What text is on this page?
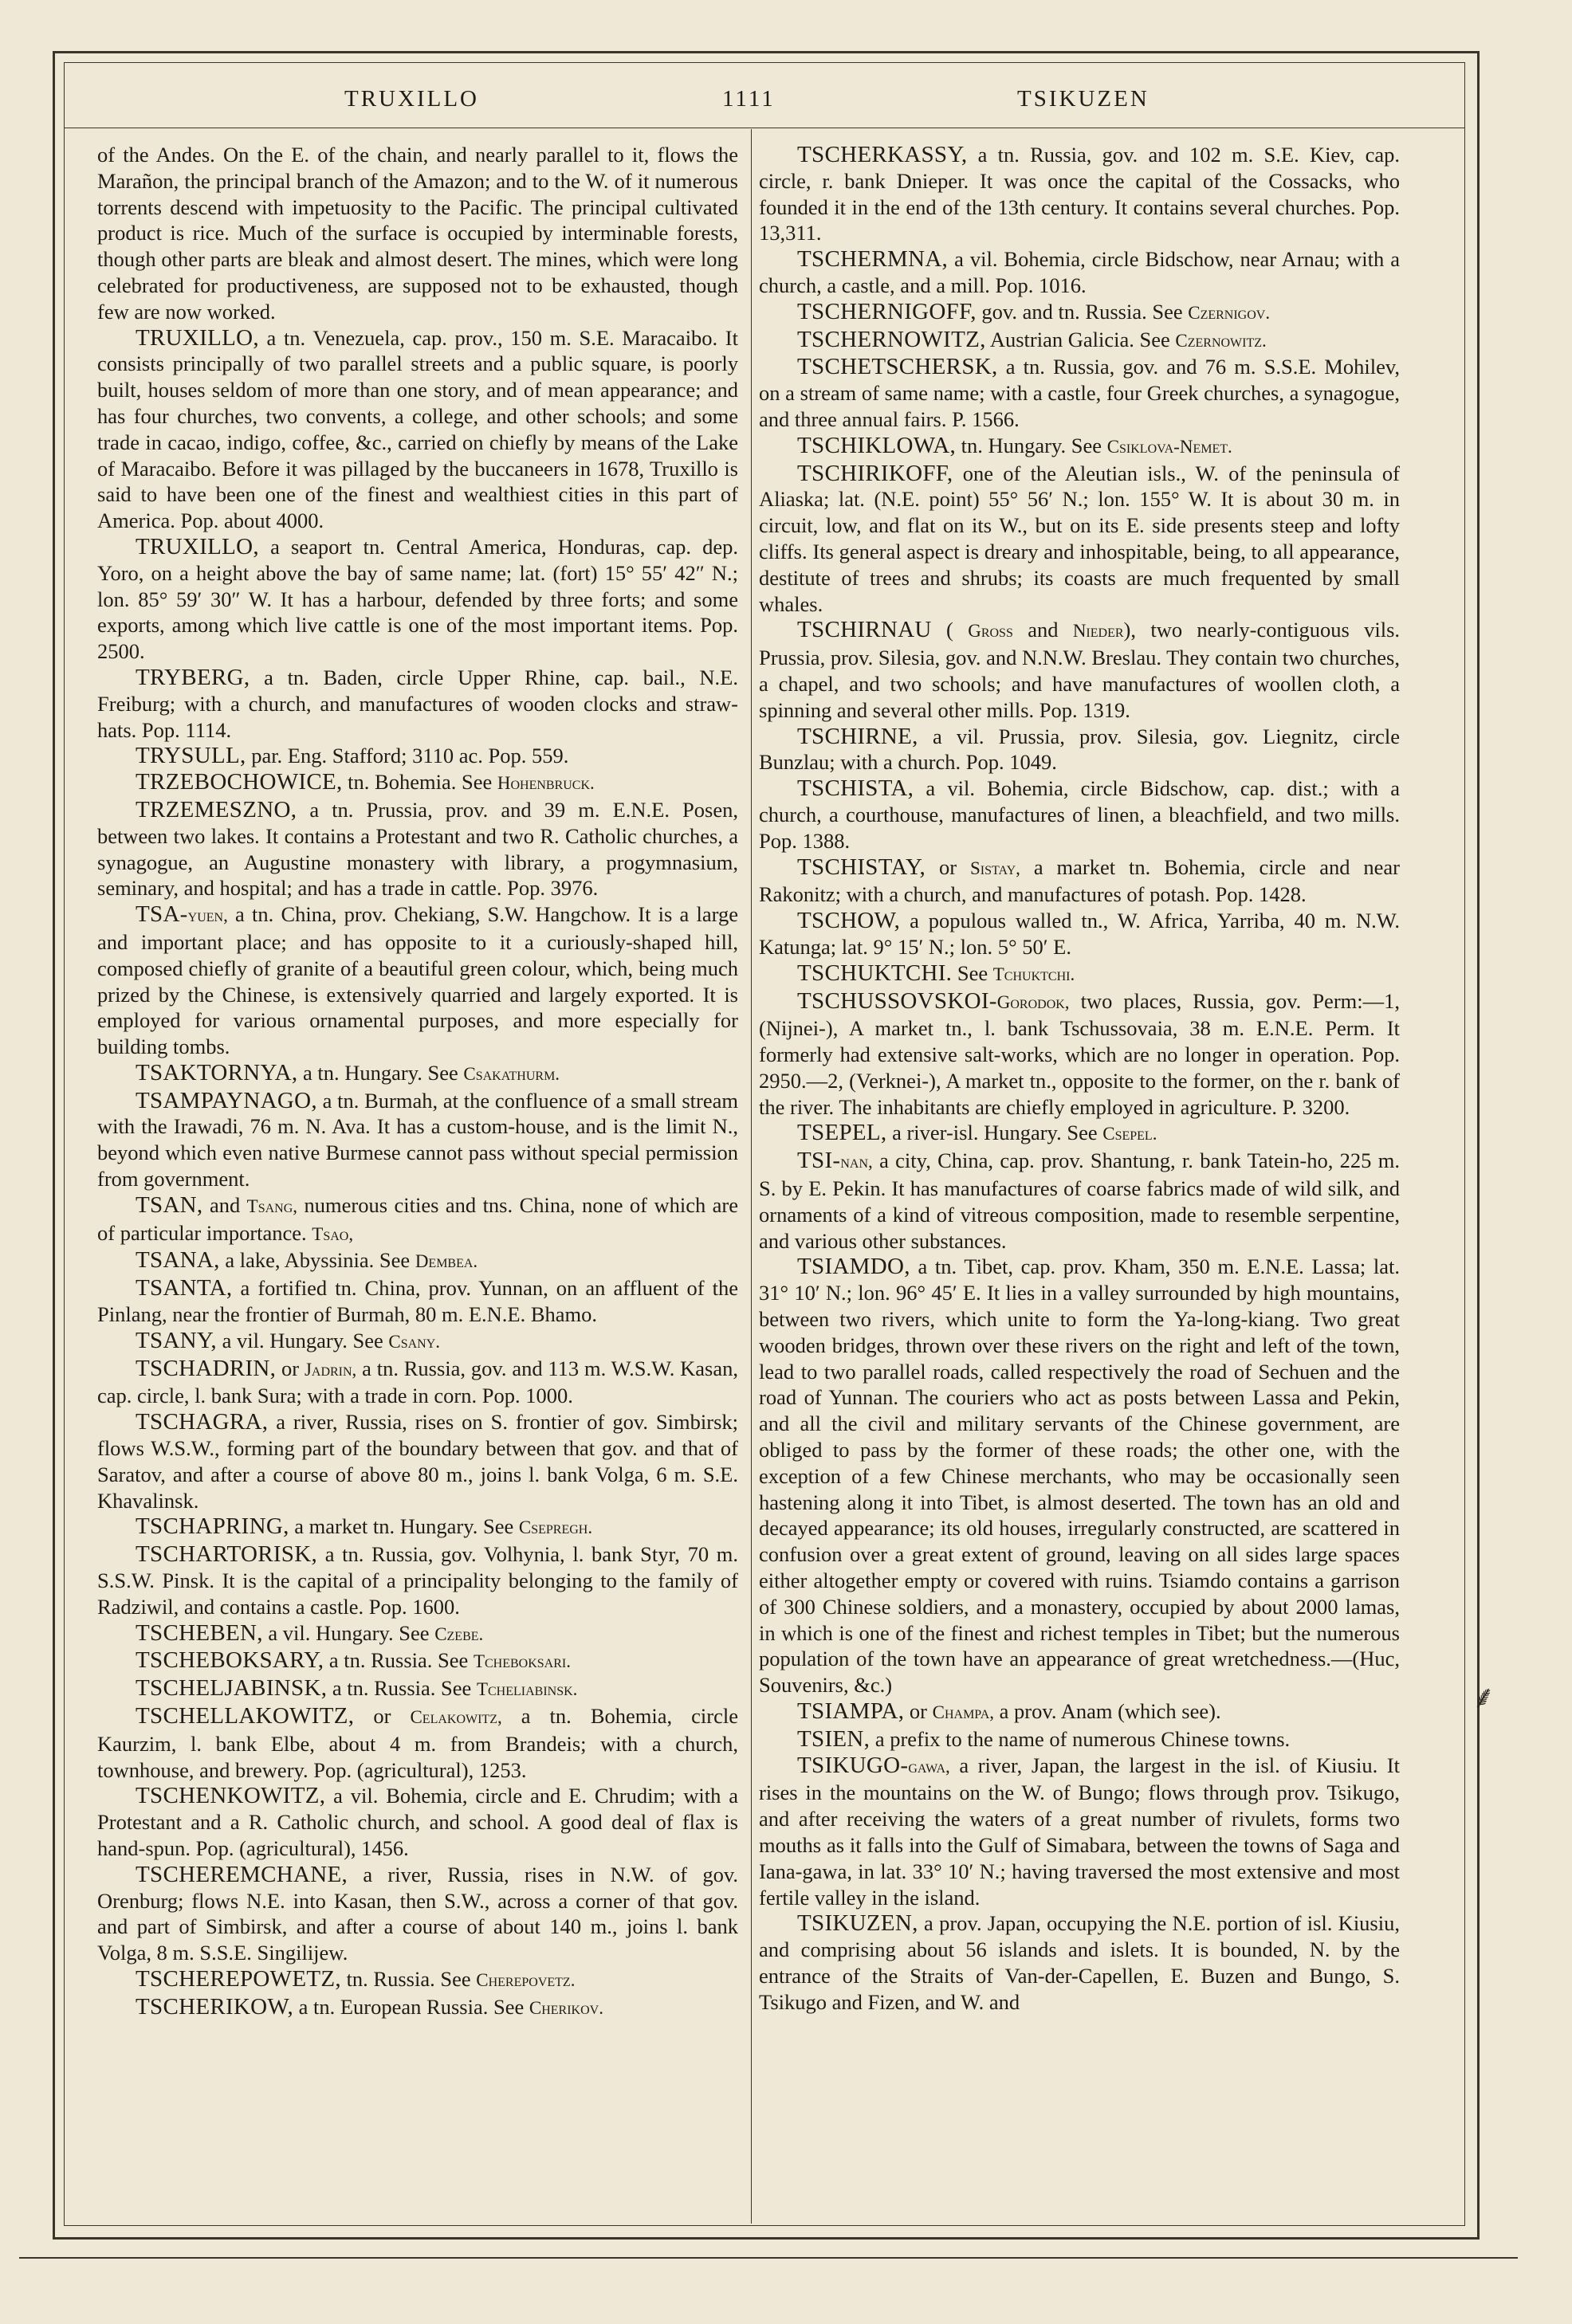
TRUXILLO	1111	TSIKUZEN

of the Andes. On the E. of the chain, and nearly parallel to it, flows the Marañon, the principal branch of the Amazon; and to the W. of it numerous torrents descend with impetuosity to the Pacific. The principal cultivated product is rice. Much of the surface is occupied by interminable forests, though other parts are bleak and almost desert. The mines, which were long celebrated for productiveness, are supposed not to be exhausted, though few are now worked.

TRUXILLO, a tn. Venezuela, cap. prov., 150 m. S.E. Maracaibo. It consists principally of two parallel streets and a public square, is poorly built, houses seldom of more than one story, and of mean appearance; and has four churches, two convents, a college, and other schools; and some trade in cacao, indigo, coffee, &c., carried on chiefly by means of the Lake of Maracaibo. Before it was pillaged by the buccaneers in 1678, Truxillo is said to have been one of the finest and wealthiest cities in this part of America. Pop. about 4000.

TRUXILLO, a seaport tn. Central America, Honduras, cap. dep. Yoro, on a height above the bay of same name; lat. (fort) 15° 55′ 42″ N.; lon. 85° 59′ 30″ W. It has a harbour, defended by three forts; and some exports, among which live cattle is one of the most important items. Pop. 2500.

TRYBERG, a tn. Baden, circle Upper Rhine, cap. bail., N.E. Freiburg; with a church, and manufactures of wooden clocks and straw-hats. Pop. 1114.

TRYSULL, par. Eng. Stafford; 3110 ac. Pop. 559.

TRZEBOCHOWICE, tn. Bohemia. See Hohenbruck.

TRZEMESZNO, a tn. Prussia, prov. and 39 m. E.N.E. Posen, between two lakes. It contains a Protestant and two R. Catholic churches, a synagogue, an Augustine monastery with library, a progymnasium, seminary, and hospital; and has a trade in cattle. Pop. 3976.

TSA-yuen, a tn. China, prov. Chekiang, S.W. Hangchow. It is a large and important place; and has opposite to it a curiously-shaped hill, composed chiefly of granite of a beautiful green colour, which, being much prized by the Chinese, is extensively quarried and largely exported. It is employed for various ornamental purposes, and more especially for building tombs.

TSAKTORNYA, a tn. Hungary. See Csakathurm.

TSAMPAYNAGO, a tn. Burmah, at the confluence of a small stream with the Irawadi, 76 m. N. Ava. It has a custom-house, and is the limit N., beyond which even native Burmese cannot pass without special permission from government.

TSAN, and Tsang, numerous cities and tns. China, none of which are of particular importance. Tsao,

TSANA, a lake, Abyssinia. See Dembea.

TSANTA, a fortified tn. China, prov. Yunnan, on an affluent of the Pinlang, near the frontier of Burmah, 80 m. E.N.E. Bhamo.

TSANY, a vil. Hungary. See Csany.

TSCHADRIN, or Jadrin, a tn. Russia, gov. and 113 m. W.S.W. Kasan, cap. circle, l. bank Sura; with a trade in corn. Pop. 1000.

TSCHAGRA, a river, Russia, rises on S. frontier of gov. Simbirsk; flows W.S.W., forming part of the boundary between that gov. and that of Saratov, and after a course of above 80 m., joins l. bank Volga, 6 m. S.E. Khavalinsk.

TSCHAPRING, a market tn. Hungary. See Csepregh.

TSCHARTORISK, a tn. Russia, gov. Volhynia, l. bank Styr, 70 m. S.S.W. Pinsk. It is the capital of a principality belonging to the family of Radziwil, and contains a castle. Pop. 1600.

TSCHEBEN, a vil. Hungary. See Czebe.

TSCHEBOKSARY, a tn. Russia. See Tcheboksari.

TSCHELJABINSK, a tn. Russia. See Tcheliabinsk.

TSCHELLAKOWITZ, or Celakowitz, a tn. Bohemia, circle Kaurzim, l. bank Elbe, about 4 m. from Brandeis; with a church, townhouse, and brewery. Pop. (agricultural), 1253.

TSCHENKOWITZ, a vil. Bohemia, circle and E. Chrudim; with a Protestant and a R. Catholic church, and school. A good deal of flax is hand-spun. Pop. (agricultural), 1456.

TSCHEREMCHANE, a river, Russia, rises in N.W. of gov. Orenburg; flows N.E. into Kasan, then S.W., across a corner of that gov. and part of Simbirsk, and after a course of about 140 m., joins l. bank Volga, 8 m. S.S.E. Singilijew.

TSCHEREPOWETZ, tn. Russia. See Cherepovetz.

TSCHERIKOW, a tn. European Russia. See Cherikov.

TSCHERKASSY, a tn. Russia, gov. and 102 m. S.E. Kiev, cap. circle, r. bank Dnieper. It was once the capital of the Cossacks, who founded it in the end of the 13th century. It contains several churches. Pop. 13,311.

TSCHERMNA, a vil. Bohemia, circle Bidschow, near Arnau; with a church, a castle, and a mill. Pop. 1016.

TSCHERNIGOFF, gov. and tn. Russia. See Czernigov.

TSCHERNOWITZ, Austrian Galicia. See Czernowitz.

TSCHETSCHERSK, a tn. Russia, gov. and 76 m. S.S.E. Mohilev, on a stream of same name; with a castle, four Greek churches, a synagogue, and three annual fairs. P. 1566.

TSCHIKLOWA, tn. Hungary. See Csiklova-Nemet.

TSCHIRIKOFF, one of the Aleutian isls., W. of the peninsula of Aliaska; lat. (N.E. point) 55° 56′ N.; lon. 155° W. It is about 30 m. in circuit, low, and flat on its W., but on its E. side presents steep and lofty cliffs. Its general aspect is dreary and inhospitable, being, to all appearance, destitute of trees and shrubs; its coasts are much frequented by small whales.

TSCHIRNAU ( Gross and Nieder), two nearly-contiguous vils. Prussia, prov. Silesia, gov. and N.N.W. Breslau. They contain two churches, a chapel, and two schools; and have manufactures of woollen cloth, a spinning and several other mills. Pop. 1319.

TSCHIRNE, a vil. Prussia, prov. Silesia, gov. Liegnitz, circle Bunzlau; with a church. Pop. 1049.

TSCHISTA, a vil. Bohemia, circle Bidschow, cap. dist.; with a church, a courthouse, manufactures of linen, a bleachfield, and two mills. Pop. 1388.

TSCHISTAY, or Sistay, a market tn. Bohemia, circle and near Rakonitz; with a church, and manufactures of potash. Pop. 1428.

TSCHOW, a populous walled tn., W. Africa, Yarriba, 40 m. N.W. Katunga; lat. 9° 15′ N.; lon. 5° 50′ E.

TSCHUKTCHI. See Tchuktchi.

TSCHUSSOVSKOI-Gorodok, two places, Russia, gov. Perm:—1, (Nijnei-), A market tn., l. bank Tschussovaia, 38 m. E.N.E. Perm. It formerly had extensive salt-works, which are no longer in operation. Pop. 2950.—2, (Verknei-), A market tn., opposite to the former, on the r. bank of the river. The inhabitants are chiefly employed in agriculture. P. 3200.

TSEPEL, a river-isl. Hungary. See Csepel.

TSI-nan, a city, China, cap. prov. Shantung, r. bank Tatein-ho, 225 m. S. by E. Pekin. It has manufactures of coarse fabrics made of wild silk, and ornaments of a kind of vitreous composition, made to resemble serpentine, and various other substances.

TSIAMDO, a tn. Tibet, cap. prov. Kham, 350 m. E.N.E. Lassa; lat. 31° 10′ N.; lon. 96° 45′ E. It lies in a valley surrounded by high mountains, between two rivers, which unite to form the Ya-long-kiang. Two great wooden bridges, thrown over these rivers on the right and left of the town, lead to two parallel roads, called respectively the road of Sechuen and the road of Yunnan. The couriers who act as posts between Lassa and Pekin, and all the civil and military servants of the Chinese government, are obliged to pass by the former of these roads; the other one, with the exception of a few Chinese merchants, who may be occasionally seen hastening along it into Tibet, is almost deserted. The town has an old and decayed appearance; its old houses, irregularly constructed, are scattered in confusion over a great extent of ground, leaving on all sides large spaces either altogether empty or covered with ruins. Tsiamdo contains a garrison of 300 Chinese soldiers, and a monastery, occupied by about 2000 lamas, in which is one of the finest and richest temples in Tibet; but the numerous population of the town have an appearance of great wretchedness.—(Huc, Souvenirs, &c.)

TSIAMPA, or Champa, a prov. Anam (which see).

TSIEN, a prefix to the name of numerous Chinese towns.

TSIKUGO-gawa, a river, Japan, the largest in the isl. of Kiusiu. It rises in the mountains on the W. of Bungo; flows through prov. Tsikugo, and after receiving the waters of a great number of rivulets, forms two mouths as it falls into the Gulf of Simabara, between the towns of Saga and Iana-gawa, in lat. 33° 10′ N.; having traversed the most extensive and most fertile valley in the island.

TSIKUZEN, a prov. Japan, occupying the N.E. portion of isl. Kiusiu, and comprising about 56 islands and islets. It is bounded, N. by the entrance of the Straits of Van-der-Capellen, E. Buzen and Bungo, S. Tsikugo and Fizen, and W. and

⸙
